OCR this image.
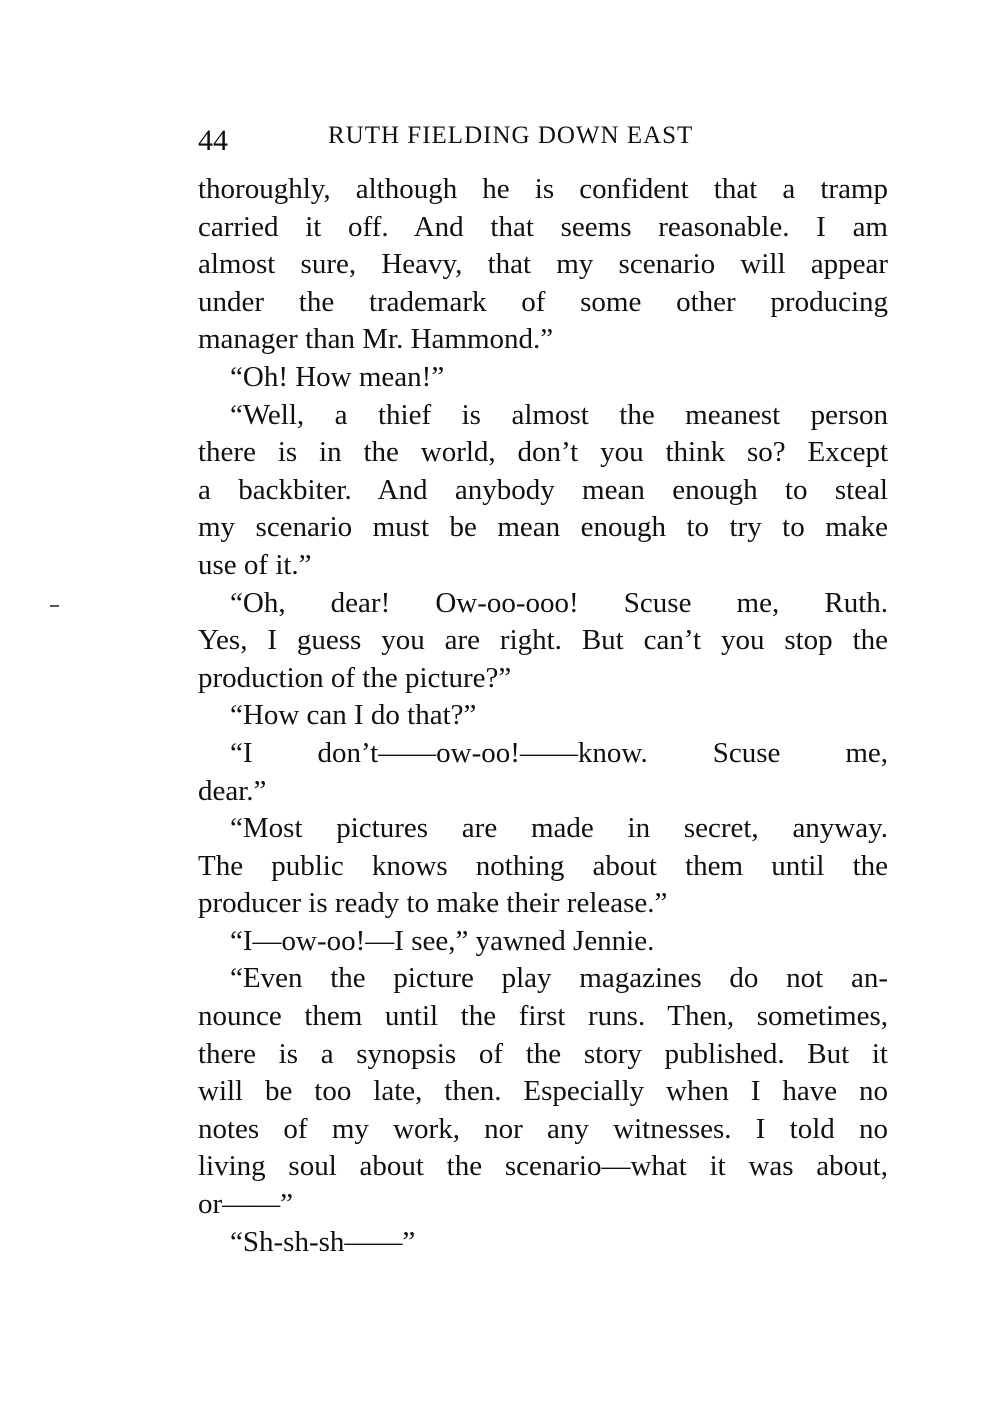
44	RUTH FIELDING DOWN EAST
thoroughly, although he is confident that a tramp
carried it off. And that seems reasonable. I am
almost sure, Heavy, that my scenario will appear
under the trademark of some other producing
manager than Mr. Hammond.”
“Oh! How mean!”
“Well, a thief is almost the meanest person
there is in the world, don’t you think so? Except
a backbiter. And anybody mean enough to steal
my scenario must be mean enough to try to make
use of it.”
“Oh, dear! Ow-oo-ooo! Scuse me, Ruth.
Yes, I guess you are right. But can’t you stop the
production of the picture?”
“How can I do that?”
“I don’t——ow-oo!——know. Scuse me,
dear.”
“Most pictures are made in secret, anyway.
The public knows nothing about them until the
producer is ready to make their release.”
“I—ow-oo!—I see,” yawned Jennie.
“Even the picture play magazines do not an-
nounce them until the first runs. Then, sometimes,
there is a synopsis of the story published. But it
will be too late, then. Especially when I have no
notes of my work, nor any witnesses. I told no
living soul about the scenario—what it was about,
or——”
“Sh-sh-sh——”
